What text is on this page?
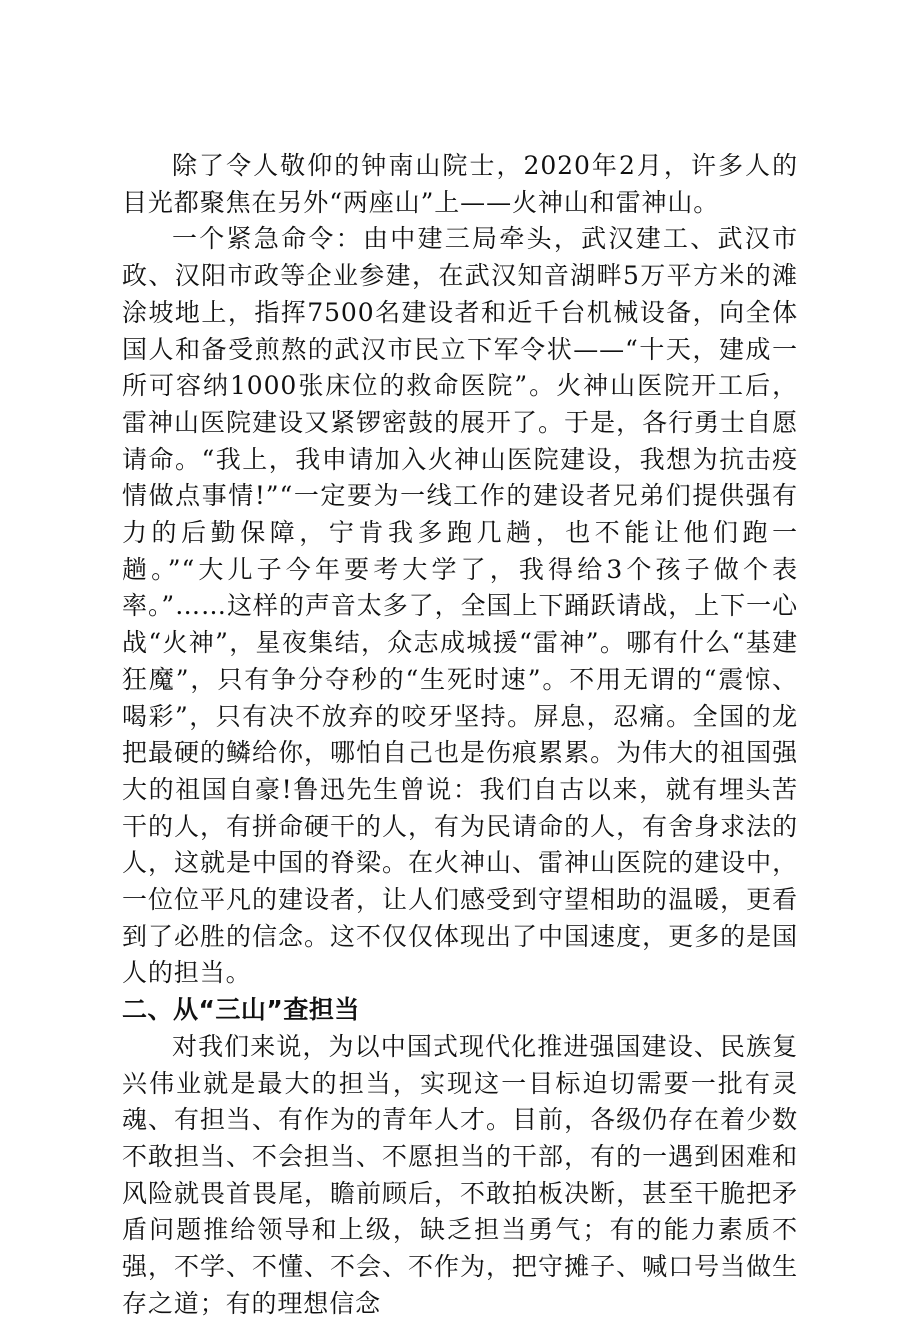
除了令人敬仰的钟南山院士，2020年2月，许多人的目光都聚焦在另外“两座山”上——火神山和雷神山。

一个紧急命令：由中建三局牵头，武汉建工、武汉市政、汉阳市政等企业参建，在武汉知音湖畔5万平方米的滩涂坡地上，指挥7500名建设者和近千台机械设备，向全体国人和备受煎熬的武汉市民立下军令状——“十天，建成一所可容纳1000张床位的救命医院”。火神山医院开工后，雷神山医院建设又紧锣密鼓的展开了。于是，各行勇士自愿请命。“我上，我申请加入火神山医院建设，我想为抗击疫情做点事情!”“一定要为一线工作的建设者兄弟们提供强有力的后勤保障，宁肯我多跑几趟，也不能让他们跑一趟。”“大儿子今年要考大学了，我得给3个孩子做个表率。”……这样的声音太多了，全国上下踊跃请战，上下一心战“火神”，星夜集结，众志成城援“雷神”。哪有什么“基建狂魔”，只有争分夺秒的“生死时速”。不用无谓的“震惊、喝彩”，只有决不放弃的咬牙坚持。屏息，忍痛。全国的龙把最硬的鳞给你，哪怕自己也是伤痕累累。为伟大的祖国强大的祖国自豪!鲁迅先生曾说：我们自古以来，就有埋头苦干的人，有拼命硬干的人，有为民请命的人，有舍身求法的人，这就是中国的脊梁。在火神山、雷神山医院的建设中，一位位平凡的建设者，让人们感受到守望相助的温暖，更看到了必胜的信念。这不仅仅体现出了中国速度，更多的是国人的担当。

二、从“三山”查担当

对我们来说，为以中国式现代化推进强国建设、民族复兴伟业就是最大的担当，实现这一目标迫切需要一批有灵魂、有担当、有作为的青年人才。目前，各级仍存在着少数不敢担当、不会担当、不愿担当的干部，有的一遇到困难和风险就畏首畏尾，瞻前顾后，不敢拍板决断，甚至干脆把矛盾问题推给领导和上级，缺乏担当勇气；有的能力素质不强，不学、不懂、不会、不作为，把守摊子、喊口号当做生存之道；有的理想信念
